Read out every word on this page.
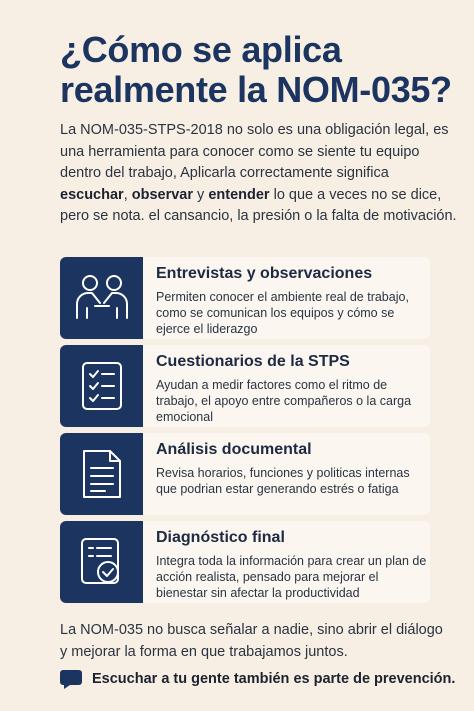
¿Cómo se aplica realmente la NOM-035?

La NOM-035-STPS-2018 no solo es una obligación legal, es una herramienta para conocer como se siente tu equipo dentro del trabajo, Aplicarla correctamente significa escuchar, observar y entender lo que a veces no se dice, pero se nota. el cansancio, la presión o la falta de motivación.

Entrevistas y observaciones
Permiten conocer el ambiente real de trabajo, como se comunican los equipos y cómo se ejerce el liderazgo
Cuestionarios de la STPS
Ayudan a medir factores como el ritmo de trabajo, el apoyo entre compañeros o la carga emocional
Análisis documental
Revisa horarios, funciones y politicas internas que podrian estar generando estrés o fatiga
Diagnóstico final
Integra toda la información para crear un plan de acción realista, pensado para mejorar el bienestar sin afectar la productividad

La NOM-035 no busca señalar a nadie, sino abrir el diálogo y mejorar la forma en que trabajamos juntos.

Escuchar a tu gente también es parte de prevención.
